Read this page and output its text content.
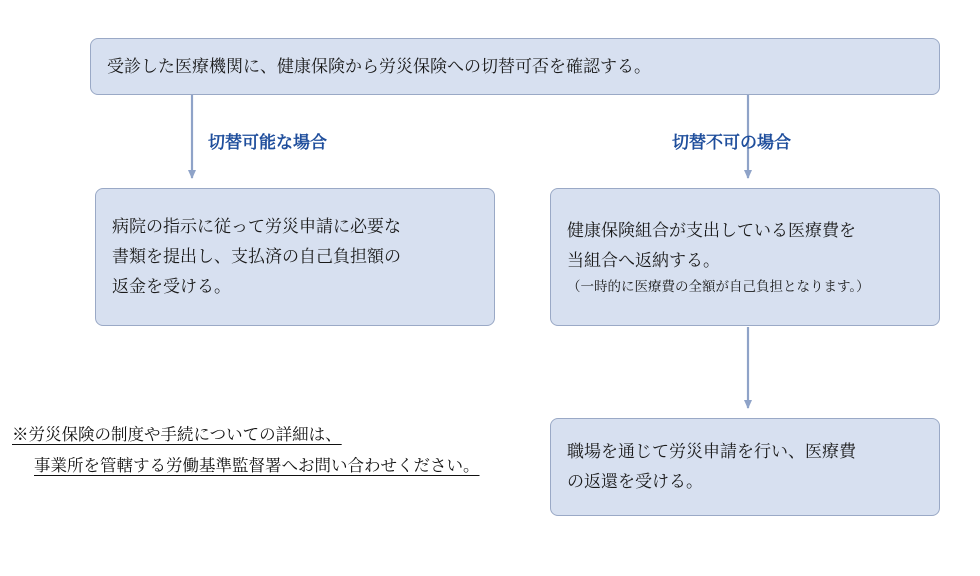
受診した医療機関に、健康保険から労災保険への切替可否を確認する。
切替可能な場合	切替不可の場合
病院の指示に従って労災申請に必要な
書類を提出し、支払済の自己負担額の
返金を受ける。
健康保険組合が支出している医療費を
当組合へ返納する。
（一時的に医療費の全額が自己負担となります。）
職場を通じて労災申請を行い、医療費
の返還を受ける。
※労災保険の制度や手続についての詳細は、
事業所を管轄する労働基準監督署へお問い合わせください。
